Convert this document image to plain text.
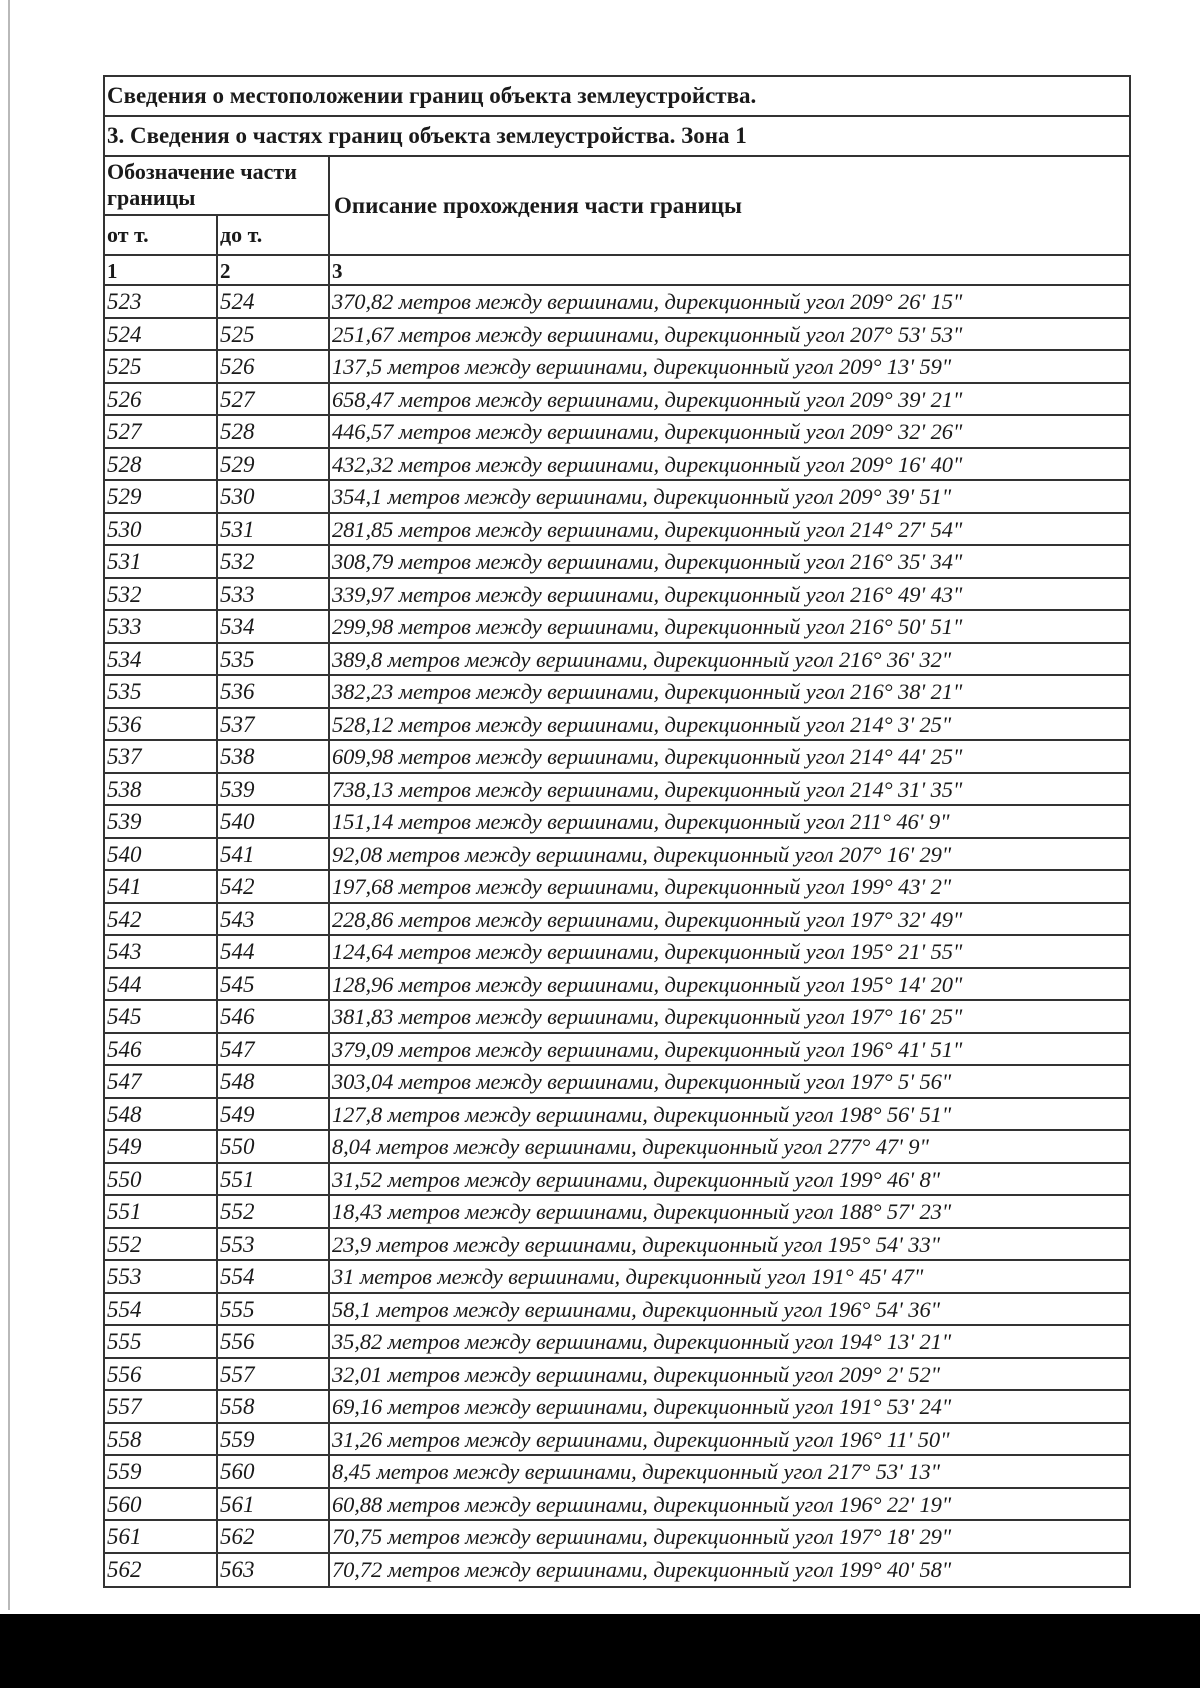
Сведения о местоположении границ объекта землеустройства.
3. Сведения о частях границ объекта землеустройства. Зона 1
Обозначение части границы
от т.	до т.
Описание прохождения части границы
1	2	3
523	524	370,82 метров между вершинами, дирекционный угол 209° 26' 15"
524	525	251,67 метров между вершинами, дирекционный угол 207° 53' 53"
525	526	137,5 метров между вершинами, дирекционный угол 209° 13' 59"
526	527	658,47 метров между вершинами, дирекционный угол 209° 39' 21"
527	528	446,57 метров между вершинами, дирекционный угол 209° 32' 26"
528	529	432,32 метров между вершинами, дирекционный угол 209° 16' 40"
529	530	354,1 метров между вершинами, дирекционный угол 209° 39' 51"
530	531	281,85 метров между вершинами, дирекционный угол 214° 27' 54"
531	532	308,79 метров между вершинами, дирекционный угол 216° 35' 34"
532	533	339,97 метров между вершинами, дирекционный угол 216° 49' 43"
533	534	299,98 метров между вершинами, дирекционный угол 216° 50' 51"
534	535	389,8 метров между вершинами, дирекционный угол 216° 36' 32"
535	536	382,23 метров между вершинами, дирекционный угол 216° 38' 21"
536	537	528,12 метров между вершинами, дирекционный угол 214° 3' 25"
537	538	609,98 метров между вершинами, дирекционный угол 214° 44' 25"
538	539	738,13 метров между вершинами, дирекционный угол 214° 31' 35"
539	540	151,14 метров между вершинами, дирекционный угол 211° 46' 9"
540	541	92,08 метров между вершинами, дирекционный угол 207° 16' 29"
541	542	197,68 метров между вершинами, дирекционный угол 199° 43' 2"
542	543	228,86 метров между вершинами, дирекционный угол 197° 32' 49"
543	544	124,64 метров между вершинами, дирекционный угол 195° 21' 55"
544	545	128,96 метров между вершинами, дирекционный угол 195° 14' 20"
545	546	381,83 метров между вершинами, дирекционный угол 197° 16' 25"
546	547	379,09 метров между вершинами, дирекционный угол 196° 41' 51"
547	548	303,04 метров между вершинами, дирекционный угол 197° 5' 56"
548	549	127,8 метров между вершинами, дирекционный угол 198° 56' 51"
549	550	8,04 метров между вершинами, дирекционный угол 277° 47' 9"
550	551	31,52 метров между вершинами, дирекционный угол 199° 46' 8"
551	552	18,43 метров между вершинами, дирекционный угол 188° 57' 23"
552	553	23,9 метров между вершинами, дирекционный угол 195° 54' 33"
553	554	31 метров между вершинами, дирекционный угол 191° 45' 47"
554	555	58,1 метров между вершинами, дирекционный угол 196° 54' 36"
555	556	35,82 метров между вершинами, дирекционный угол 194° 13' 21"
556	557	32,01 метров между вершинами, дирекционный угол 209° 2' 52"
557	558	69,16 метров между вершинами, дирекционный угол 191° 53' 24"
558	559	31,26 метров между вершинами, дирекционный угол 196° 11' 50"
559	560	8,45 метров между вершинами, дирекционный угол 217° 53' 13"
560	561	60,88 метров между вершинами, дирекционный угол 196° 22' 19"
561	562	70,75 метров между вершинами, дирекционный угол 197° 18' 29"
562	563	70,72 метров между вершинами, дирекционный угол 199° 40' 58"
